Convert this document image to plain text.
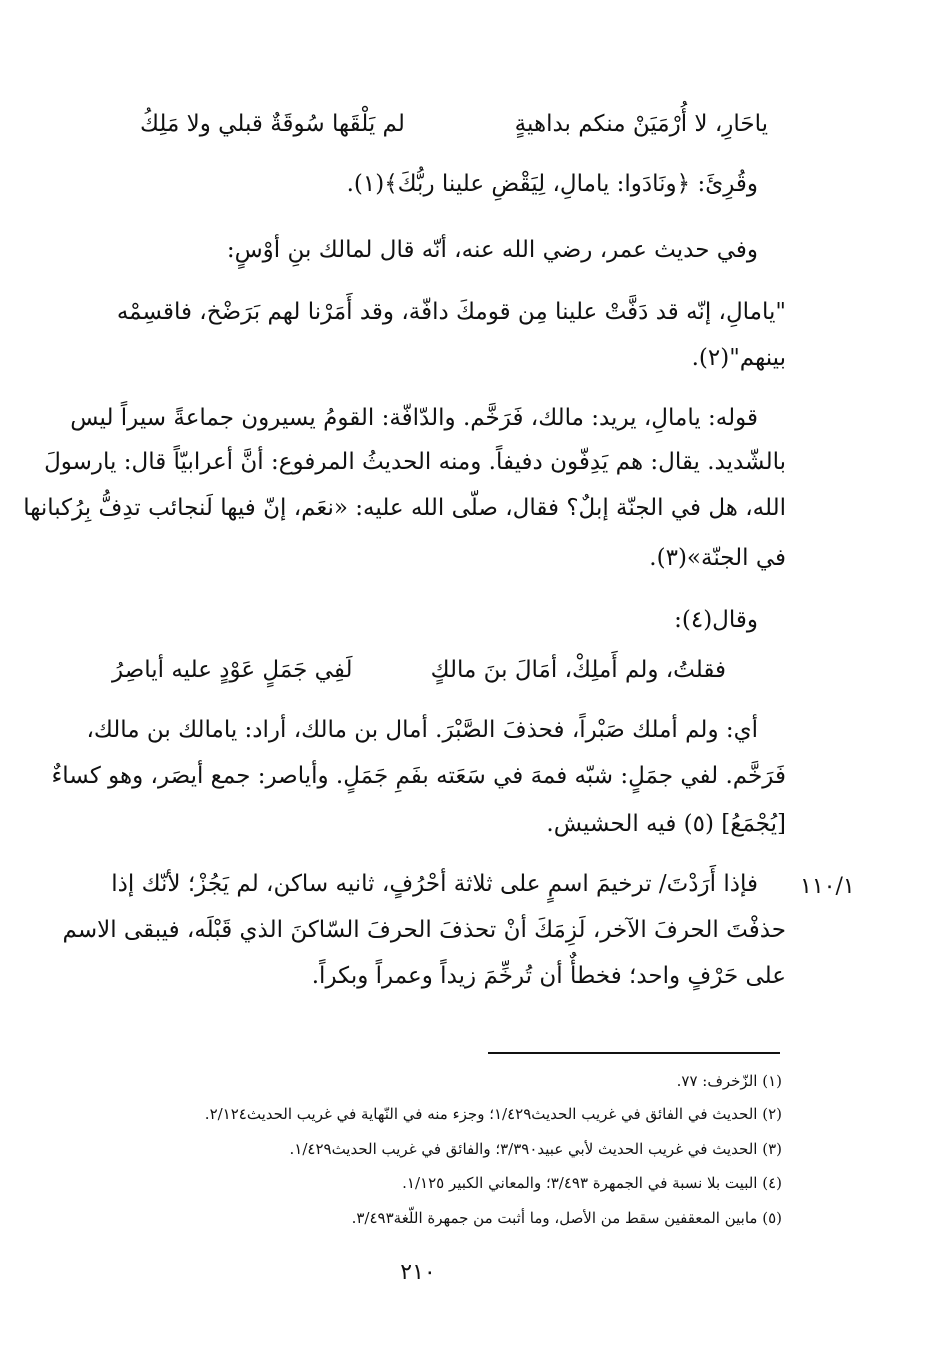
ياحَارِ، لا أُرْمَيَنْ منكم بداهيةٍ
لم يَلْقَها سُوقَةٌ قبلي ولا مَلِكُ
وقُرِئَ: ﴿ونَادَوا: يامالِ، لِيَقْضِ علينا ربُّكَ﴾(١).
وفي حديث عمر، رضي الله عنه، أنّه قال لمالك بنِ أوْسٍ:
"يامالِ، إنّه قد دَفَّتْ علينا مِن قومكَ دافّة، وقد أَمَرْنا لهم بَرَضْخ، فاقسِمْه
بينهم"(٢).
قوله: يامالِ، يريد: مالك، فَرَخَّم. والدّافّة: القومُ يسيرون جماعةً سيراً ليس
بالشّديد. يقال: هم يَدِفّون دفيفاً. ومنه الحديثُ المرفوع: أنَّ أعرابيّاً قال: يارسولَ
الله، هل في الجنّة إبلٌ؟ فقال، صلّى الله عليه: «نعَم، إنّ فيها لَنجائب تدِفُّ بِرُكبانها
في الجنّة»(٣).
وقال(٤):
فقلتُ، ولم أَملِكْ، أمَالَ بنَ مالكٍ
لَفِي جَمَلٍ عَوْدٍ عليه أياصِرُ
أي: ولم أملك صَبْراً، فحذفَ الصَّبْرَ. أمال بن مالك، أراد: يامالك بن مالك،
فَرَخَّم. لفي جمَلٍ: شبّه فمهَ في سَعَته بفَمِ جَمَلٍ. وأياصر: جمع أيصَر، وهو كساءٌ
[يُجْمَعُ] (٥) فيه الحشيش.
١١٠/١
فإذا أَرَدْتَ/ ترخيمَ اسمٍ على ثلاثة أحْرُفٍ، ثانيه ساكن، لم يَجُزْ؛ لأنّك إذا
حذفْتَ الحرفَ الآخر، لَزِمَكَ أنْ تحذفَ الحرفَ السّاكنَ الذي قَبْلَه، فيبقى الاسم
على حَرْفٍ واحد؛ فخطأٌ أن تُرخِّمَ زيداً وعمراً وبكراً.
(١) الزّخرف: ٧٧.
(٢) الحديث في الفائق في غريب الحديث١/٤٢٩؛ وجزء منه في النّهاية في غريب الحديث٢/١٢٤.
(٣) الحديث في غريب الحديث لأبي عبيد٣/٣٩٠؛ والفائق في غريب الحديث١/٤٢٩.
(٤) البيت بلا نسبة في الجمهرة ٣/٤٩٣؛ والمعاني الكبير ١/١٢٥.
(٥) مابين المعقفين سقط من الأصل، وما أثبت من جمهرة اللّغة٣/٤٩٣.
٢١٠
